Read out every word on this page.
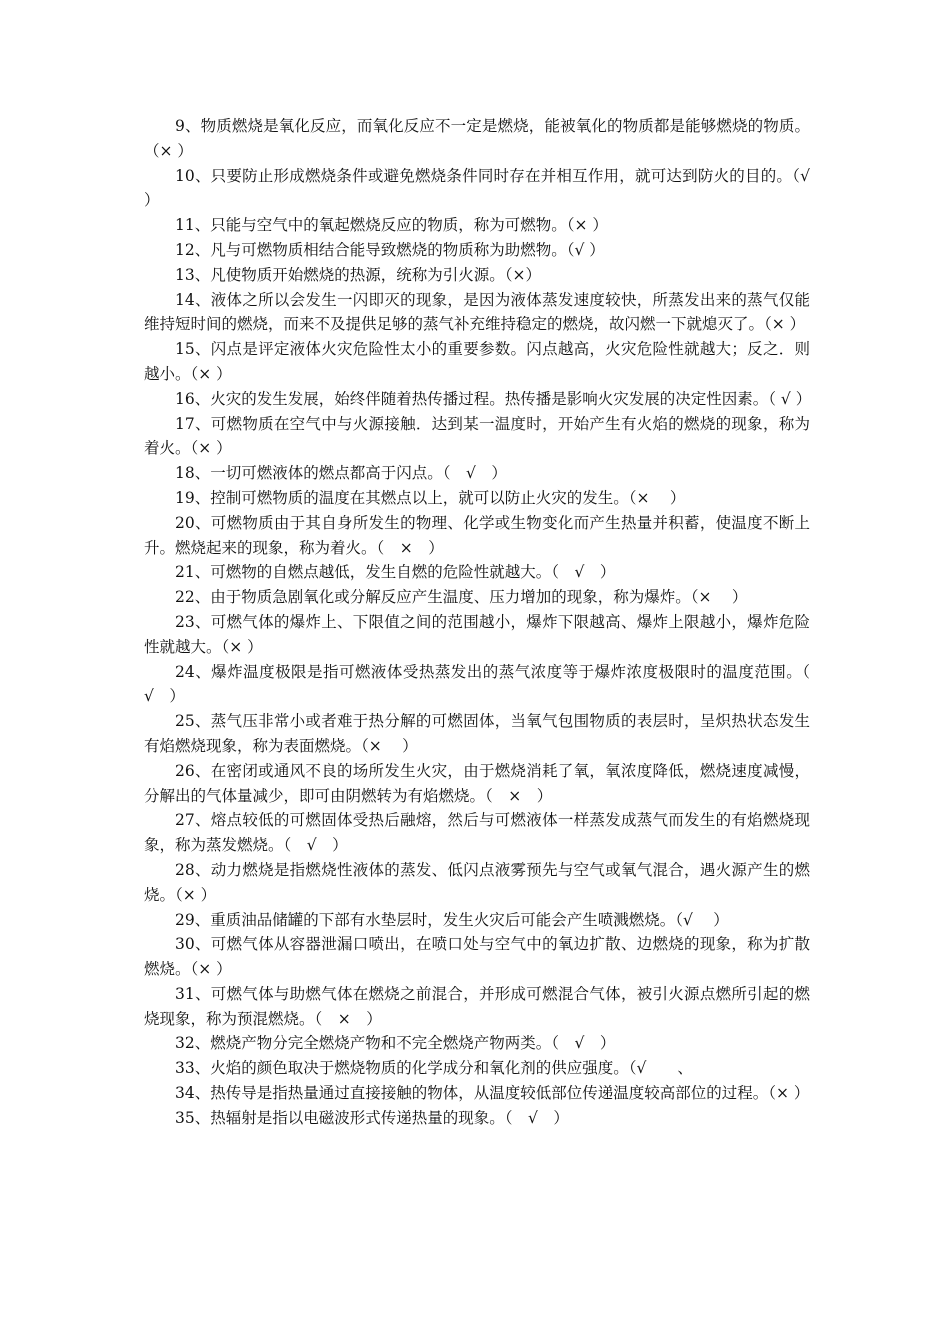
9、物质燃烧是氧化反应，而氧化反应不一定是燃烧，能被氧化的物质都是能够燃烧的物质。（× ）

10、只要防止形成燃烧条件或避免燃烧条件同时存在并相互作用，就可达到防火的目的。（√ ）

11、只能与空气中的氧起燃烧反应的物质，称为可燃物。（× ）

12、凡与可燃物质相结合能导致燃烧的物质称为助燃物。（√ ）

13、凡使物质开始燃烧的热源，统称为引火源。（×）

14、液体之所以会发生一闪即灭的现象，是因为液体蒸发速度较快，所蒸发出来的蒸气仅能维持短时间的燃烧，而来不及提供足够的蒸气补充维持稳定的燃烧，故闪燃一下就熄灭了。（× ）

15、闪点是评定液体火灾危险性太小的重要参数。闪点越高，火灾危险性就越大；反之．则越小。（× ）

16、火灾的发生发展，始终伴随着热传播过程。热传播是影响火灾发展的决定性因素。（ √ ）

17、可燃物质在空气中与火源接触．达到某一温度时，开始产生有火焰的燃烧的现象，称为着火。（× ）

18、一切可燃液体的燃点都高于闪点。（　√　）

19、控制可燃物质的温度在其燃点以上，就可以防止火灾的发生。（×　 ）

20、可燃物质由于其自身所发生的物理、化学或生物变化而产生热量并积蓄，使温度不断上升。燃烧起来的现象，称为着火。（　×　）

21、可燃物的自燃点越低，发生自燃的危险性就越大。（　√　）

22、由于物质急剧氧化或分解反应产生温度、压力增加的现象，称为爆炸。（×　 ）

23、可燃气体的爆炸上、下限值之间的范围越小，爆炸下限越高、爆炸上限越小，爆炸危险性就越大。（× ）

24、爆炸温度极限是指可燃液体受热蒸发出的蒸气浓度等于爆炸浓度极限时的温度范围。（　√　）

25、蒸气压非常小或者难于热分解的可燃固体，当氧气包围物质的表层时，呈炽热状态发生有焰燃烧现象，称为表面燃烧。（×　 ）

26、在密闭或通风不良的场所发生火灾，由于燃烧消耗了氧，氧浓度降低，燃烧速度减慢，分解出的气体量减少，即可由阴燃转为有焰燃烧。（　×　）

27、熔点较低的可燃固体受热后融熔，然后与可燃液体一样蒸发成蒸气而发生的有焰燃烧现象，称为蒸发燃烧。（　√　）

28、动力燃烧是指燃烧性液体的蒸发、低闪点液雾预先与空气或氧气混合，遇火源产生的燃烧。（× ）

29、重质油品储罐的下部有水垫层时，发生火灾后可能会产生喷溅燃烧。（√　 ）

30、可燃气体从容器泄漏口喷出，在喷口处与空气中的氧边扩散、边燃烧的现象，称为扩散燃烧。（× ）

31、可燃气体与助燃气体在燃烧之前混合，并形成可燃混合气体，被引火源点燃所引起的燃烧现象，称为预混燃烧。（　×　）

32、燃烧产物分完全燃烧产物和不完全燃烧产物两类。（　√　）

33、火焰的颜色取决于燃烧物质的化学成分和氧化剂的供应强度。（√　　、

34、热传导是指热量通过直接接触的物体，从温度较低部位传递温度较高部位的过程。（× ）

35、热辐射是指以电磁波形式传递热量的现象。（　√　）
